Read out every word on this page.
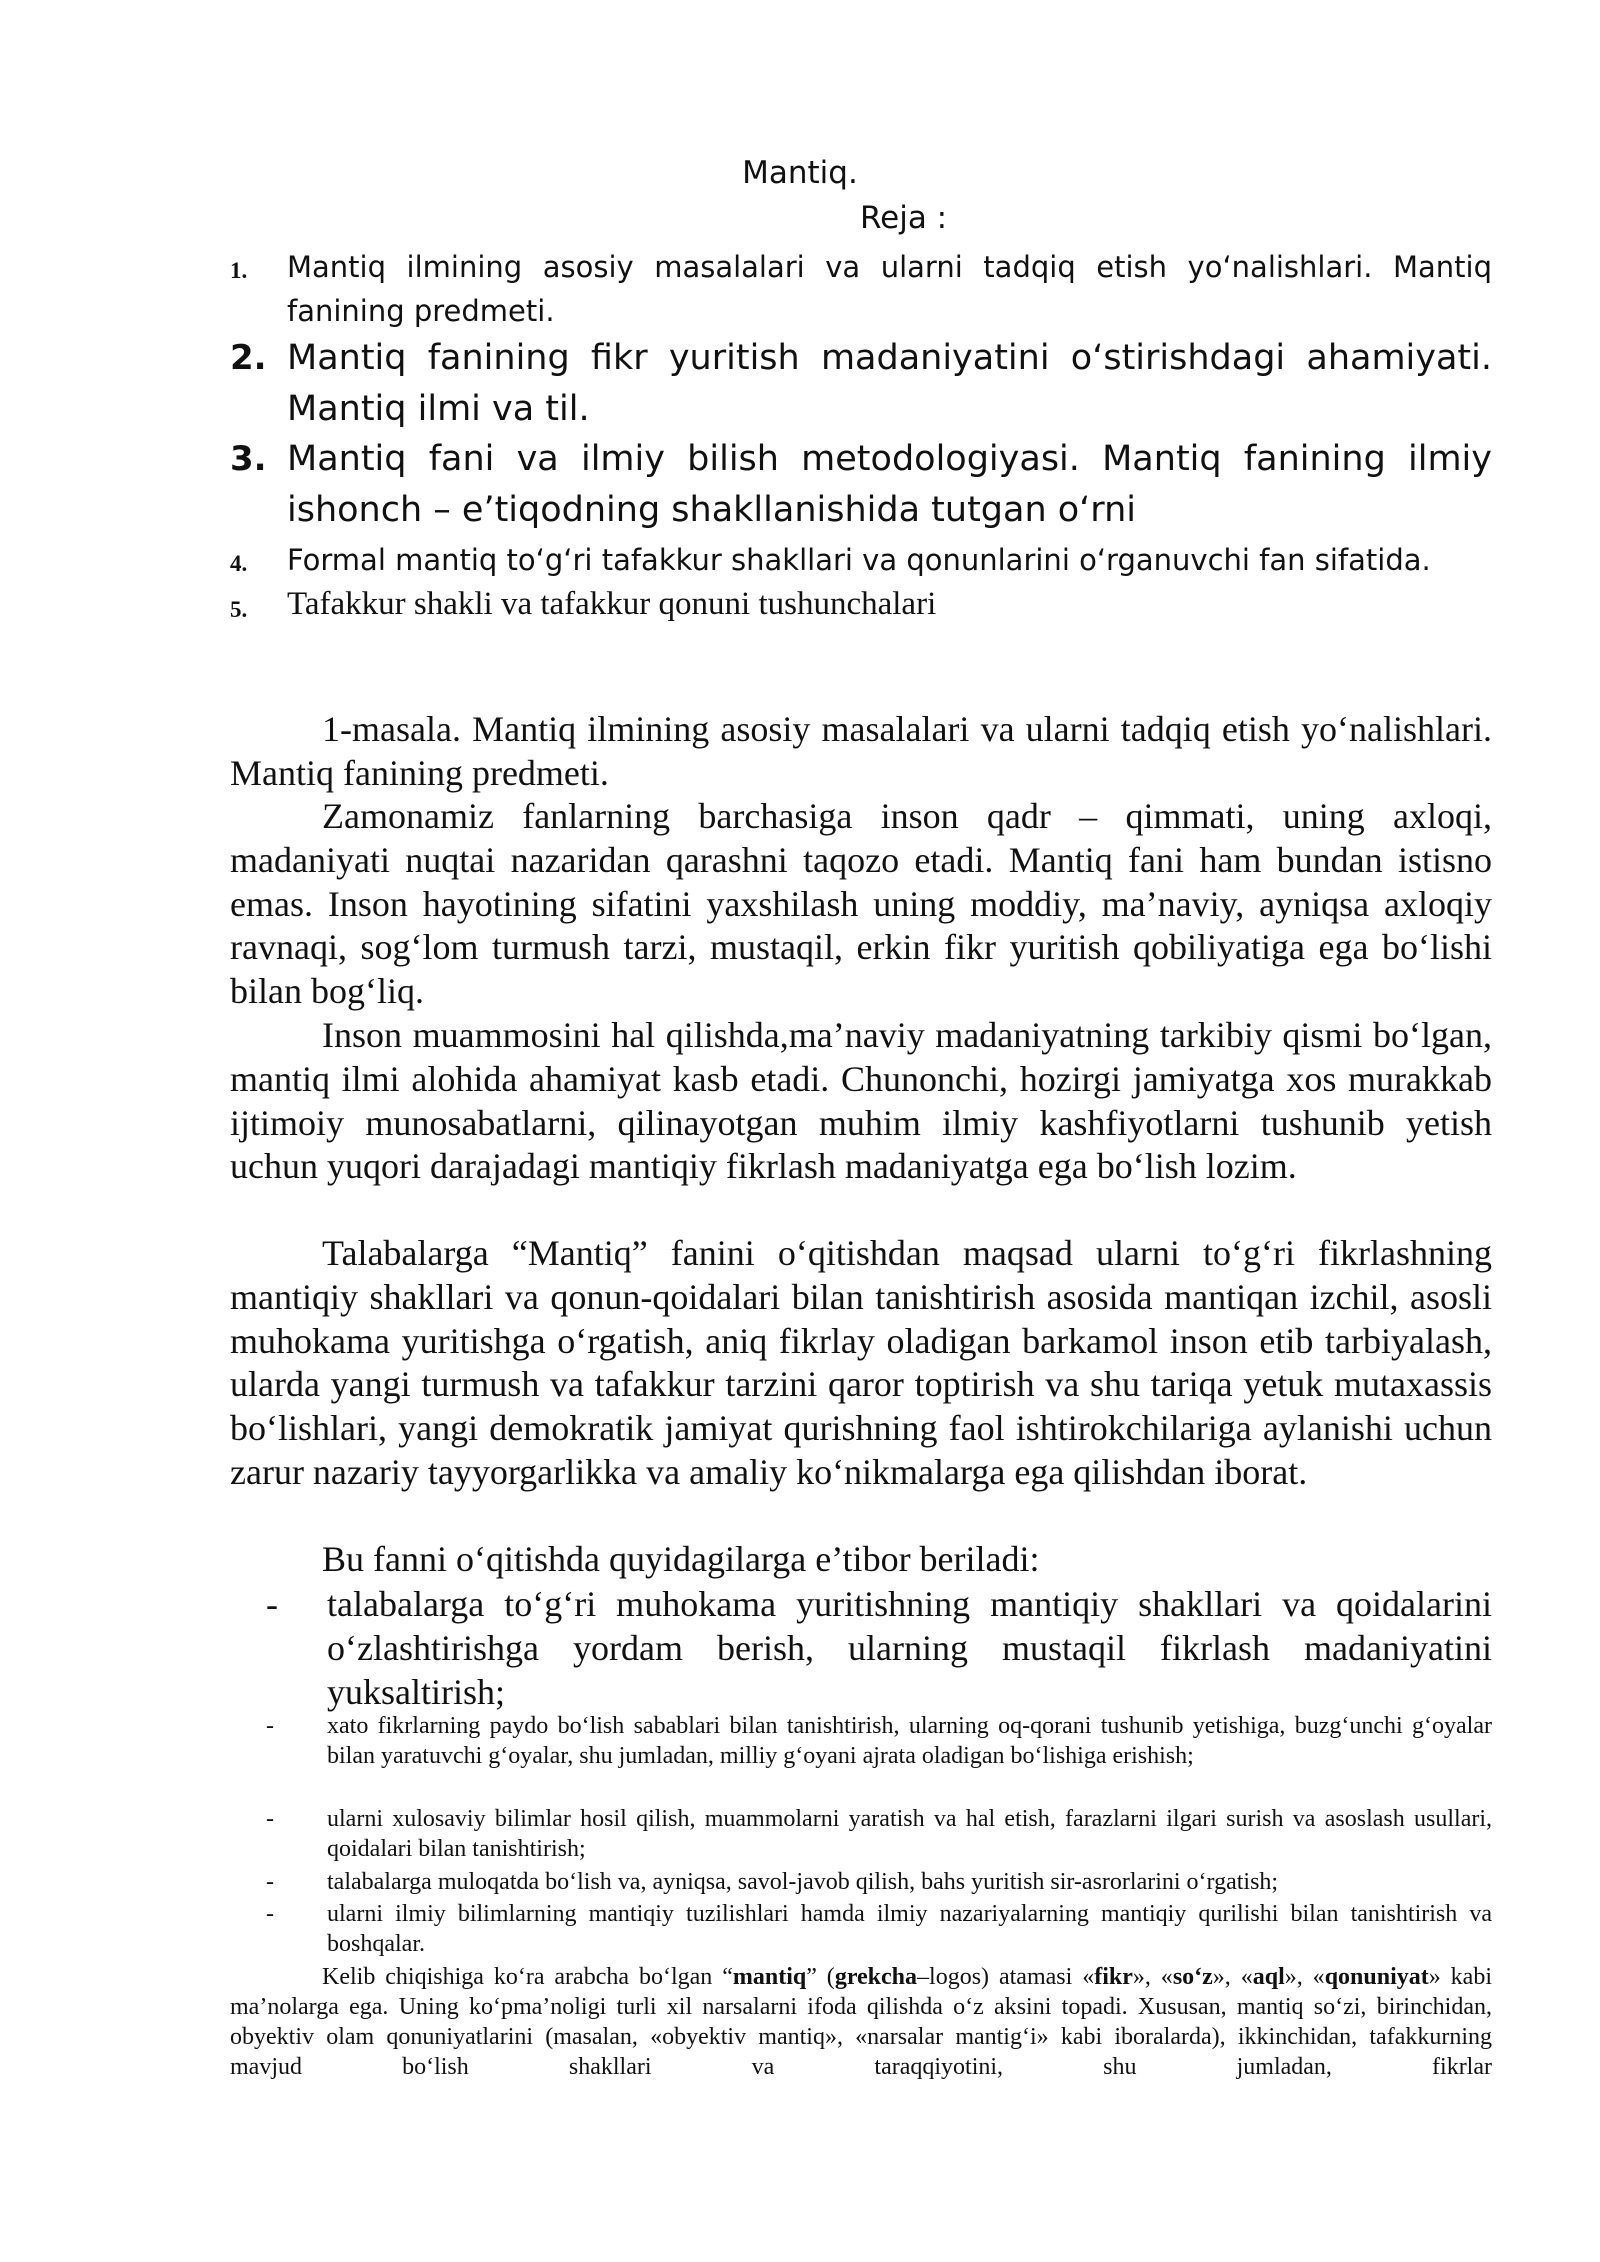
Mantiq.
Reja :
1. Mantiq ilmining asosiy masalalari va ularni tadqiq etish yo‘nalishlari. Mantiq fanining predmeti.
2. Mantiq fanining fikr yuritish madaniyatini o‘stirishdagi ahamiyati. Mantiq ilmi va til.
3. Mantiq fani va ilmiy bilish metodologiyasi. Mantiq fanining ilmiy ishonch – e’tiqodning shakllanishida tutgan o‘rni
4. Formal mantiq to‘g‘ri tafakkur shakllari va qonunlarini o‘rganuvchi fan sifatida.
5. Tafakkur shakli va tafakkur qonuni tushunchalari

1-masala. Mantiq ilmining asosiy masalalari va ularni tadqiq etish yo‘nalishlari. Mantiq fanining predmeti.

Zamonamiz fanlarning barchasiga inson qadr – qimmati, uning axloqi, madaniyati nuqtai nazaridan qarashni taqozo etadi. Mantiq fani ham bundan istisno emas. Inson hayotining sifatini yaxshilash uning moddiy, ma’naviy, ayniqsa axloqiy ravnaqi, sog‘lom turmush tarzi, mustaqil, erkin fikr yuritish qobiliyatiga ega bo‘lishi bilan bog‘liq.

Inson muammosini hal qilishda,ma’naviy madaniyatning tarkibiy qismi bo‘lgan, mantiq ilmi alohida ahamiyat kasb etadi. Chunonchi, hozirgi jamiyatga xos murakkab ijtimoiy munosabatlarni, qilinayotgan muhim ilmiy kashfiyotlarni tushunib yetish uchun yuqori darajadagi mantiqiy fikrlash madaniyatga ega bo‘lish lozim.

Talabalarga “Mantiq” fanini o‘qitishdan maqsad ularni to‘g‘ri fikrlashning mantiqiy shakllari va qonun-qoidalari bilan tanishtirish asosida mantiqan izchil, asosli muhokama yuritishga o‘rgatish, aniq fikrlay oladigan barkamol inson etib tarbiyalash, ularda yangi turmush va tafakkur tarzini qaror toptirish va shu tariqa yetuk mutaxassis bo‘lishlari, yangi demokratik jamiyat qurishning faol ishtirokchilariga aylanishi uchun zarur nazariy tayyorgarlikka va amaliy ko‘nikmalarga ega qilishdan iborat.

Bu fanni o‘qitishda quyidagilarga e’tibor beriladi:

- talabalarga to‘g‘ri muhokama yuritishning mantiqiy shakllari va qoidalarini o‘zlashtirishga yordam berish, ularning mustaqil fikrlash madaniyatini yuksaltirish;
- xato fikrlarning paydo bo‘lish sabablari bilan tanishtirish, ularning oq-qorani tushunib yetishiga, buzg‘unchi g‘oyalar bilan yaratuvchi g‘oyalar, shu jumladan, milliy g‘oyani ajrata oladigan bo‘lishiga erishish;
- ularni xulosaviy bilimlar hosil qilish, muammolarni yaratish va hal etish, farazlarni ilgari surish va asoslash usullari, qoidalari bilan tanishtirish;
- talabalarga muloqatda bo‘lish va, ayniqsa, savol-javob qilish, bahs yuritish sir-asrorlarini o‘rgatish;
- ularni ilmiy bilimlarning mantiqiy tuzilishlari hamda ilmiy nazariyalarning mantiqiy qurilishi bilan tanishtirish va boshqalar.

Kelib chiqishiga ko‘ra arabcha bo‘lgan “mantiq” (grekcha–logos) atamasi «fikr», «so‘z», «aql», «qonuniyat» kabi ma’nolarga ega. Uning ko‘pma’noligi turli xil narsalarni ifoda qilishda o‘z aksini topadi. Xususan, mantiq so‘zi, birinchidan, obyektiv olam qonuniyatlarini (masalan, «obyektiv mantiq», «narsalar mantig‘i» kabi iboralarda), ikkinchidan, tafakkurning mavjud bo‘lish shakllari va taraqqiyotini, shu jumladan, fikrlar
